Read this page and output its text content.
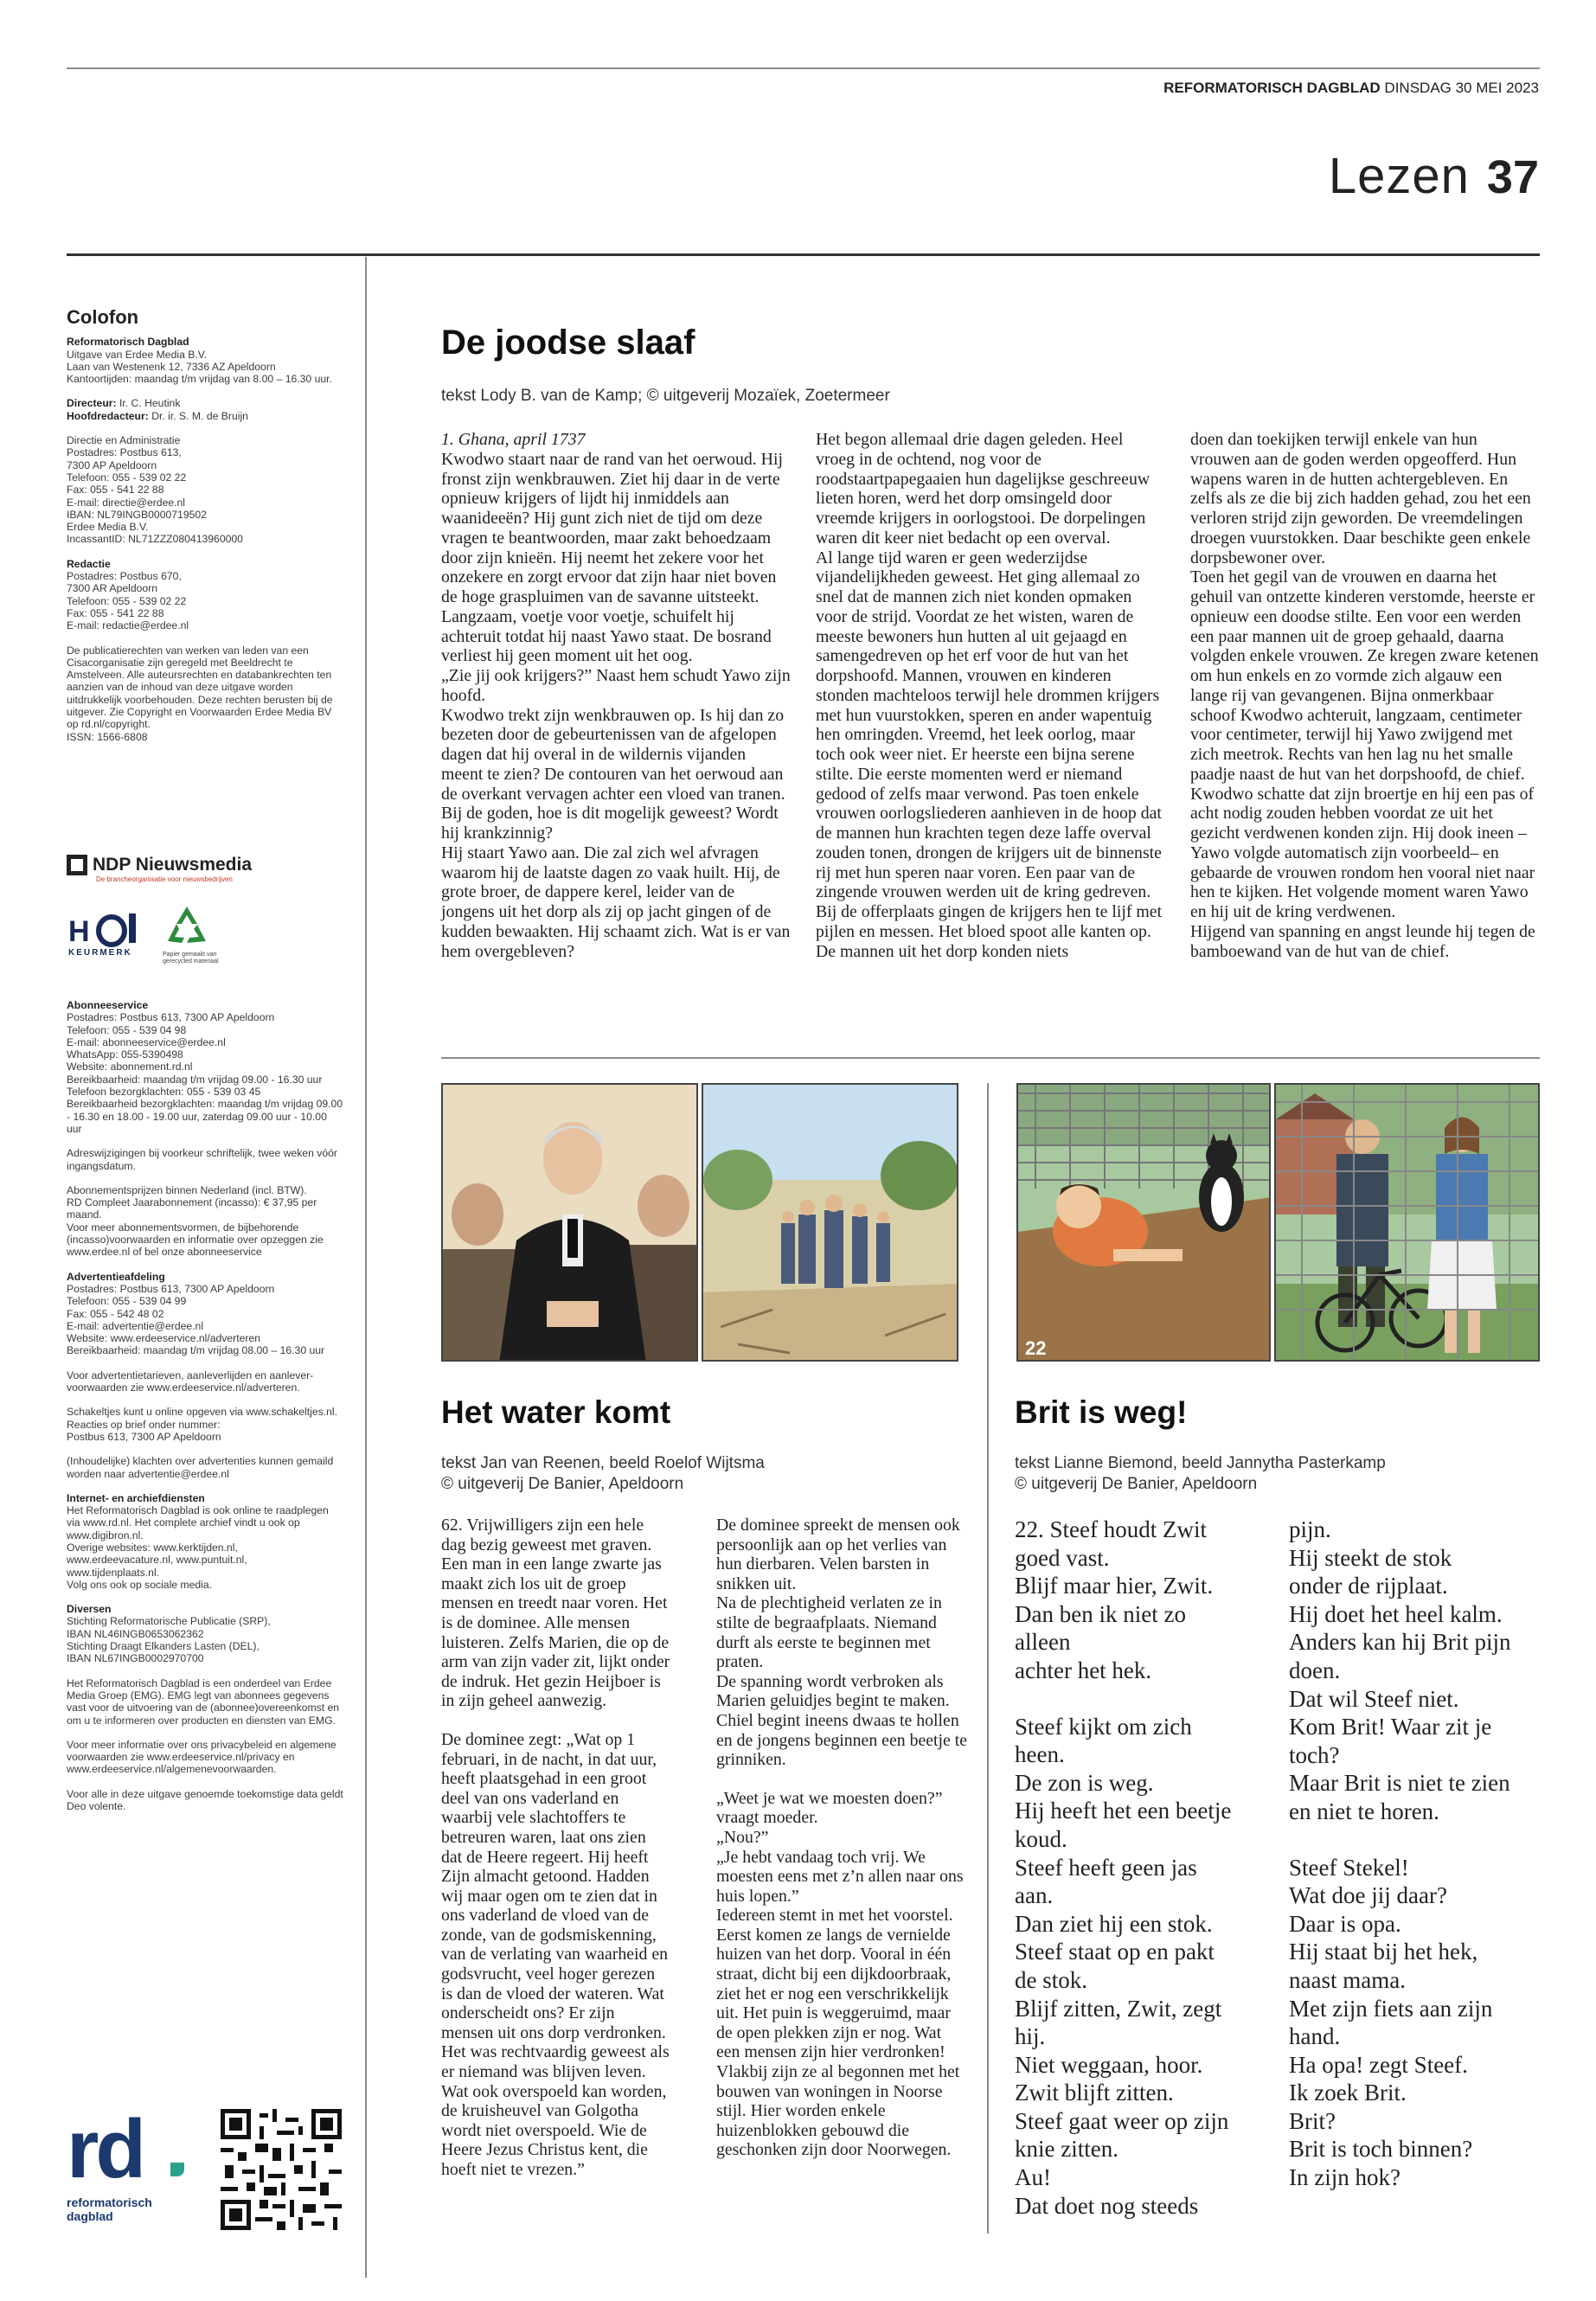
REFORMATORISCH DAGBLAD DINSDAG 30 MEI 2023
Lezen 37
Colofon

Reformatorisch Dagblad

Uitgave van Erdee Media B.V.

Laan van Westenenk 12, 7336 AZ Apeldoorn

Kantoortijden: maandag t/m vrijdag van 8.00 – 16.30 uur.

Directeur: Ir. C. Heutink

Hoofdredacteur: Dr. ir. S. M. de Bruijn

Directie en Administratie

Postadres: Postbus 613,

7300 AP Apeldoorn

Telefoon: 055 - 539 02 22

Fax: 055 - 541 22 88

E-mail: directie@erdee.nl

IBAN: NL79INGB0000719502

Erdee Media B.V.

IncassantID: NL71ZZZ080413960000

Redactie

Postadres: Postbus 670,

7300 AR Apeldoorn

Telefoon: 055 - 539 02 22

Fax: 055 - 541 22 88

E-mail: redactie@erdee.nl

De publicatierechten van werken van leden van een Cisacorganisatie zijn geregeld met Beeldrecht te Amstelveen. Alle auteursrechten en databankrechten ten aanzien van de inhoud van deze uitgave worden uitdrukkelijk voorbehouden. Deze rechten berusten bij de uitgever. Zie Copyright en Voorwaarden Erdee Media BV op rd.nl/copyright.

ISSN: 1566-6808

NDP Nieuwsmedia
De brancheorganisatie voor nieuwsbedrijven
H
KEURMERK	Papier gemaakt van gerecycled materiaal

Abonneeservice

Postadres: Postbus 613, 7300 AP Apeldoorn

Telefoon: 055 - 539 04 98

E-mail: abonneeservice@erdee.nl

WhatsApp: 055-5390498

Website: abonnement.rd.nl

Bereikbaarheid: maandag t/m vrijdag 09.00 - 16.30 uur

Telefoon bezorgklachten: 055 - 539 03 45

Bereikbaarheid bezorgklachten: maandag t/m vrijdag 09.00 - 16.30 en 18.00 - 19.00 uur, zaterdag 09.00 uur - 10.00 uur

Adreswijzigingen bij voorkeur schriftelijk, twee weken vóór ingangsdatum.

Abonnementsprijzen binnen Nederland (incl. BTW).

RD Compleet Jaarabonnement (incasso): € 37,95 per maand.

Voor meer abonnementsvormen, de bijbehorende (incasso)voorwaarden en informatie over opzeggen zie www.erdee.nl of bel onze abonneeservice

Advertentieafdeling

Postadres: Postbus 613, 7300 AP Apeldoorn

Telefoon: 055 - 539 04 99

Fax: 055 - 542 48 02

E-mail: advertentie@erdee.nl

Website: www.erdeeservice.nl/adverteren

Bereikbaarheid: maandag t/m vrijdag 08.00 – 16.30 uur

Voor advertentietarieven, aanleverlijden en aanlever-voorwaarden zie www.erdeeservice.nl/adverteren.

Schakeltjes kunt u online opgeven via www.schakeltjes.nl.

Reacties op brief onder nummer:

Postbus 613, 7300 AP Apeldoorn

(Inhoudelijke) klachten over advertenties kunnen gemaild worden naar advertentie@erdee.nl

Internet- en archiefdiensten

Het Reformatorisch Dagblad is ook online te raadplegen via www.rd.nl. Het complete archief vindt u ook op

www.digibron.nl.

Overige websites: www.kerktijden.nl,

www.erdeevacature.nl, www.puntuit.nl,

www.tijdenplaats.nl.

Volg ons ook op sociale media.

Diversen

Stichting Reformatorische Publicatie (SRP),

IBAN NL46INGB0653062362

Stichting Draagt Elkanders Lasten (DEL),

IBAN NL67INGB0002970700

Het Reformatorisch Dagblad is een onderdeel van Erdee Media Groep (EMG). EMG legt van abonnees gegevens vast voor de uitvoering van de (abonnee)overeenkomst en om u te informeren over producten en diensten van EMG.

Voor meer informatie over ons privacybeleid en algemene voorwaarden zie www.erdeeservice.nl/privacy en www.erdeeservice.nl/algemenevoorwaarden.

Voor alle in deze uitgave genoemde toekomstige data geldt Deo volente.

rd
reformatorisch
dagblad
De joodse slaaf
tekst Lody B. van de Kamp; © uitgeverij Mozaïek, Zoetermeer

1. Ghana, april 1737

Kwodwo staart naar de rand van het oerwoud. Hij fronst zijn wenkbrauwen. Ziet hij daar in de verte opnieuw krijgers of lijdt hij inmiddels aan waanideeën? Hij gunt zich niet de tijd om deze vragen te beantwoorden, maar zakt behoedzaam door zijn knieën. Hij neemt het zekere voor het onzekere en zorgt ervoor dat zijn haar niet boven de hoge graspluimen van de savanne uitsteekt. Langzaam, voetje voor voetje, schuifelt hij achteruit totdat hij naast Yawo staat. De bosrand verliest hij geen moment uit het oog.

„Zie jij ook krijgers?” Naast hem schudt Yawo zijn hoofd.

Kwodwo trekt zijn wenkbrauwen op. Is hij dan zo bezeten door de gebeurtenissen van de afgelopen dagen dat hij overal in de wildernis vijanden meent te zien? De contouren van het oerwoud aan de overkant vervagen achter een vloed van tranen. Bij de goden, hoe is dit mogelijk geweest? Wordt hij krankzinnig?

Hij staart Yawo aan. Die zal zich wel afvragen waarom hij de laatste dagen zo vaak huilt. Hij, de grote broer, de dappere kerel, leider van de jongens uit het dorp als zij op jacht gingen of de kudden bewaakten. Hij schaamt zich. Wat is er van hem overgebleven?

Het begon allemaal drie dagen geleden. Heel vroeg in de ochtend, nog voor de roodstaartpapegaaien hun dagelijkse geschreeuw lieten horen, werd het dorp omsingeld door vreemde krijgers in oorlogstooi. De dorpelingen waren dit keer niet bedacht op een overval.

Al lange tijd waren er geen wederzijdse vijandelijkheden geweest. Het ging allemaal zo snel dat de mannen zich niet konden opmaken voor de strijd. Voordat ze het wisten, waren de meeste bewoners hun hutten al uit gejaagd en samengedreven op het erf voor de hut van het dorpshoofd. Mannen, vrouwen en kinderen stonden machteloos terwijl hele drommen krijgers met hun vuurstokken, speren en ander wapentuig hen omringden. Vreemd, het leek oorlog, maar toch ook weer niet. Er heerste een bijna serene stilte. Die eerste momenten werd er niemand gedood of zelfs maar verwond. Pas toen enkele vrouwen oorlogsliederen aanhieven in de hoop dat de mannen hun krachten tegen deze laffe overval zouden tonen, drongen de krijgers uit de binnenste rij met hun speren naar voren. Een paar van de zingende vrouwen werden uit de kring gedreven. Bij de offerplaats gingen de krijgers hen te lijf met pijlen en messen. Het bloed spoot alle kanten op. De mannen uit het dorp konden niets

doen dan toekijken terwijl enkele van hun vrouwen aan de goden werden opgeofferd. Hun wapens waren in de hutten achtergebleven. En zelfs als ze die bij zich hadden gehad, zou het een verloren strijd zijn geworden. De vreemdelingen droegen vuurstokken. Daar beschikte geen enkele dorpsbewoner over.

Toen het gegil van de vrouwen en daarna het gehuil van ontzette kinderen verstomde, heerste er opnieuw een doodse stilte. Een voor een werden een paar mannen uit de groep gehaald, daarna volgden enkele vrouwen. Ze kregen zware ketenen om hun enkels en zo vormde zich algauw een lange rij van gevangenen. Bijna onmerkbaar schoof Kwodwo achteruit, langzaam, centimeter voor centimeter, terwijl hij Yawo zwijgend met zich meetrok. Rechts van hen lag nu het smalle paadje naast de hut van het dorpshoofd, de chief. Kwodwo schatte dat zijn broertje en hij een pas of acht nodig zouden hebben voordat ze uit het gezicht verdwenen konden zijn. Hij dook ineen –Yawo volgde automatisch zijn voorbeeld– en gebaarde de vrouwen rondom hen vooral niet naar hen te kijken. Het volgende moment waren Yawo en hij uit de kring verdwenen.

Hijgend van spanning en angst leunde hij tegen de bamboewand van de hut van de chief.

22
Het water komt
tekst Jan van Reenen, beeld Roelof Wijtsma
© uitgeverij De Banier, Apeldoorn

62. Vrijwilligers zijn een hele dag bezig geweest met graven. Een man in een lange zwarte jas maakt zich los uit de groep mensen en treedt naar voren. Het is de dominee. Alle mensen luisteren. Zelfs Marien, die op de arm van zijn vader zit, lijkt onder de indruk. Het gezin Heijboer is in zijn geheel aanwezig.

De dominee zegt: „Wat op 1 februari, in de nacht, in dat uur, heeft plaatsgehad in een groot deel van ons vaderland en waarbij vele slachtoffers te betreuren waren, laat ons zien dat de Heere regeert. Hij heeft Zijn almacht getoond. Hadden wij maar ogen om te zien dat in ons vaderland de vloed van de zonde, van de godsmiskenning, van de verlating van waarheid en godsvrucht, veel hoger gerezen is dan de vloed der wateren. Wat onderscheidt ons? Er zijn mensen uit ons dorp verdronken. Het was rechtvaardig geweest als er niemand was blijven leven. Wat ook overspoeld kan worden, de kruisheuvel van Golgotha wordt niet overspoeld. Wie de Heere Jezus Christus kent, die hoeft niet te vrezen.”

De dominee spreekt de mensen ook persoonlijk aan op het verlies van hun dierbaren. Velen barsten in snikken uit.

Na de plechtigheid verlaten ze in stilte de begraafplaats. Niemand durft als eerste te beginnen met praten.

De spanning wordt verbroken als Marien geluidjes begint te maken. Chiel begint ineens dwaas te hollen en de jongens beginnen een beetje te grinniken.

„Weet je wat we moesten doen?” vraagt moeder.

„Nou?”

„Je hebt vandaag toch vrij. We moesten eens met z’n allen naar ons huis lopen.”

Iedereen stemt in met het voorstel. Eerst komen ze langs de vernielde huizen van het dorp. Vooral in één straat, dicht bij een dijkdoorbraak, ziet het er nog een verschrikkelijk uit. Het puin is weggeruimd, maar de open plekken zijn er nog. Wat een mensen zijn hier verdronken! Vlakbij zijn ze al begonnen met het bouwen van woningen in Noorse stijl. Hier worden enkele huizenblokken gebouwd die geschonken zijn door Noorwegen.

Brit is weg!
tekst Lianne Biemond, beeld Jannytha Pasterkamp
© uitgeverij De Banier, Apeldoorn

22. Steef houdt Zwit

goed vast.

Blijf maar hier, Zwit.

Dan ben ik niet zo

alleen

achter het hek.

Steef kijkt om zich

heen.

De zon is weg.

Hij heeft het een beetje

koud.

Steef heeft geen jas

aan.

Dan ziet hij een stok.

Steef staat op en pakt

de stok.

Blijf zitten, Zwit, zegt

hij.

Niet weggaan, hoor.

Zwit blijft zitten.

Steef gaat weer op zijn

knie zitten.

Au!

Dat doet nog steeds

pijn.

Hij steekt de stok

onder de rijplaat.

Hij doet het heel kalm.

Anders kan hij Brit pijn

doen.

Dat wil Steef niet.

Kom Brit! Waar zit je

toch?

Maar Brit is niet te zien

en niet te horen.

Steef Stekel!

Wat doe jij daar?

Daar is opa.

Hij staat bij het hek,

naast mama.

Met zijn fiets aan zijn

hand.

Ha opa! zegt Steef.

Ik zoek Brit.

Brit?

Brit is toch binnen?

In zijn hok?
